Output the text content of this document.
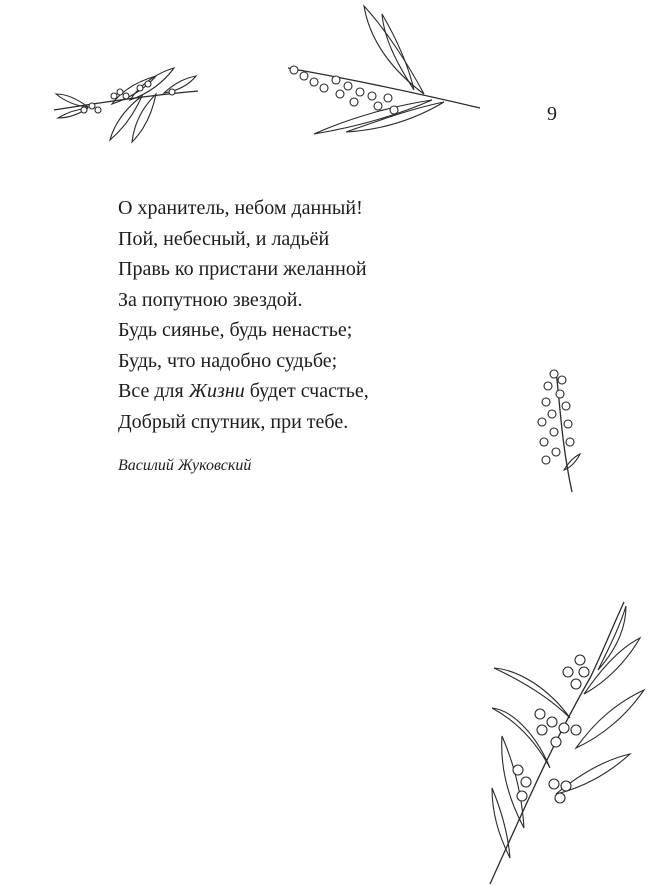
9
О хранитель, небом данный!
Пой, небесный, и ладьёй
Правь ко пристани желанной
За попутною звездой.
Будь сиянье, будь ненастье;
Будь, что надобно судьбе;
Все для Жизни будет счастье,
Добрый спутник, при тебе.
Василий Жуковский
